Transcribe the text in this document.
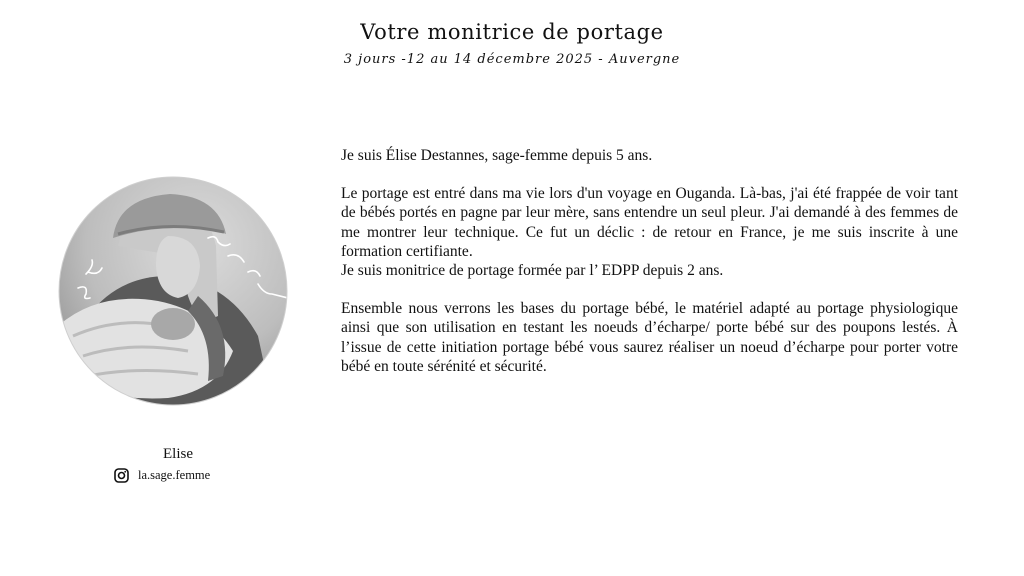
Votre monitrice de portage
3 jours -12 au 14 décembre 2025 - Auvergne
Elise
la.sage.femme

Je suis Élise Destannes, sage-femme depuis 5 ans.

Le portage est entré dans ma vie lors d'un voyage en Ouganda. Là-bas, j'ai été frappée de voir tant de bébés portés en pagne par leur mère, sans entendre un seul pleur. J'ai demandé à des femmes de me montrer leur technique. Ce fut un déclic : de retour en France, je me suis inscrite à une formation certifiante.

Je suis monitrice de portage formée par l’ EDPP depuis 2 ans.

Ensemble nous verrons les bases du portage bébé, le matériel adapté au portage physiologique ainsi que son utilisation en testant les noeuds d’écharpe/ porte bébé sur des poupons lestés. À l’issue de cette initiation portage bébé vous saurez réaliser un noeud d’écharpe pour porter votre bébé en toute sérénité et sécurité.
